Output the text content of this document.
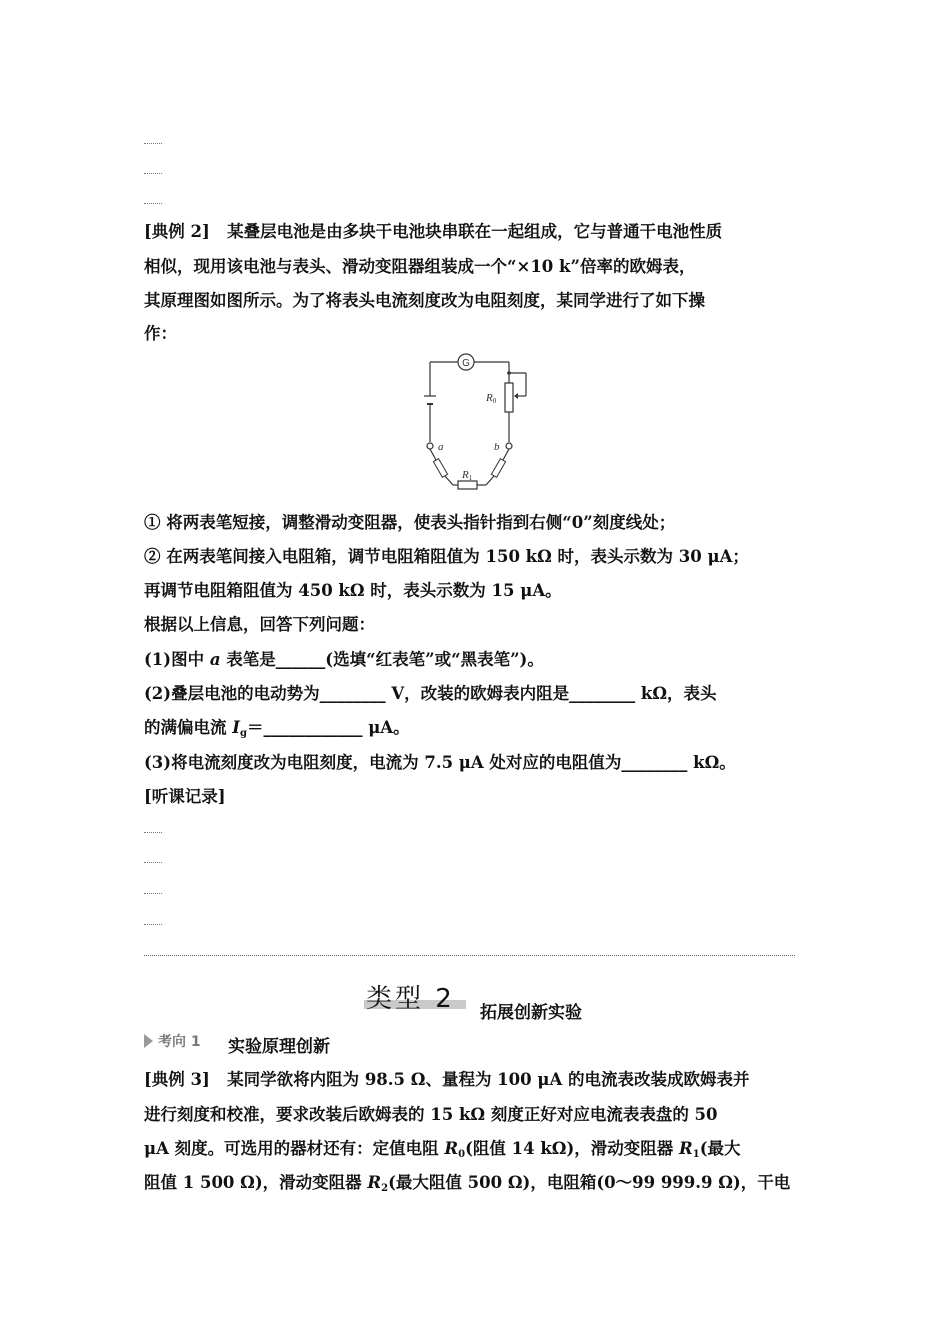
[典例 2] 某叠层电池是由多块干电池块串联在一起组成，它与普通干电池性质
相似，现用该电池与表头、滑动变阻器组装成一个“×10 k”倍率的欧姆表，
其原理图如图所示。为了将表头电流刻度改为电阻刻度，某同学进行了如下操
作：
G
R0
a	b
R1
① 将两表笔短接，调整滑动变阻器，使表头指针指到右侧“0”刻度线处；
② 在两表笔间接入电阻箱，调节电阻箱阻值为 150 kΩ 时，表头示数为 30 μA；
再调节电阻箱阻值为 450 kΩ 时，表头示数为 15 μA。
根据以上信息，回答下列问题：
(1)图中 a 表笔是______(选填“红表笔”或“黑表笔”)。
(2)叠层电池的电动势为________ V，改装的欧姆表内阻是________ kΩ，表头
的满偏电流 $I_g=\_\_\_\_\_\_\_\_\_\_\_\_$ μA。
(3)将电流刻度改为电阻刻度，电流为 7.5 μA 处对应的电阻值为________ kΩ。
[听课记录]
类型 2 拓展创新实验
考向 1 实验原理创新
[典例 3] 某同学欲将内阻为 98.5 Ω、量程为 100 μA 的电流表改装成欧姆表并
进行刻度和校准，要求改装后欧姆表的 15 kΩ 刻度正好对应电流表表盘的 50
μA 刻度。可选用的器材还有：定值电阻 $R_0$(阻值 14 kΩ)，滑动变阻器 $R_1$(最大
阻值 1 500 Ω)，滑动变阻器 $R_2$(最大阻值 500 Ω)，电阻箱(0～99 999.9 Ω)，干电
